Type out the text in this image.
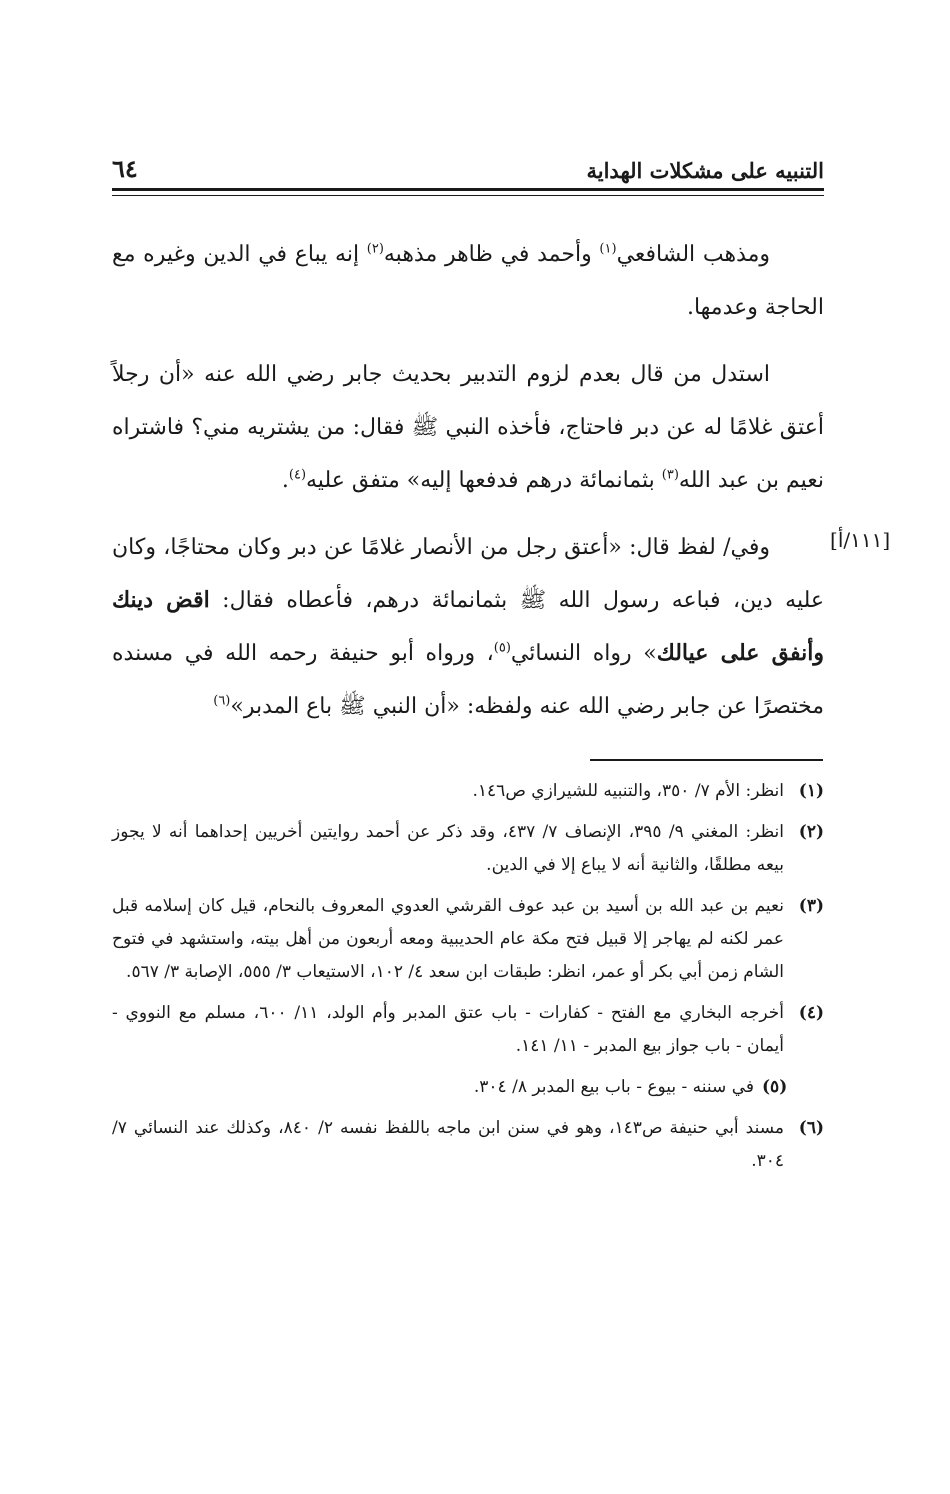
التنبيه على مشكلات الهداية
٦٤
[١١١/أ]

ومذهب الشافعي$^{(١)}$ وأحمد في ظاهر مذهبه$^{(٢)}$ إنه يباع في الدين وغيره مع الحاجة وعدمها.

استدل من قال بعدم لزوم التدبير بحديث جابر رضي الله عنه «أن رجلاً أعتق غلامًا له عن دبر فاحتاج، فأخذه النبي ﷺ فقال: من يشتريه مني؟ فاشتراه نعيم بن عبد الله$^{(٣)}$ بثمانمائة درهم فدفعها إليه» متفق عليه$^{(٤)}$.

وفي/ لفظ قال: «أعتق رجل من الأنصار غلامًا عن دبر وكان محتاجًا، وكان عليه دين، فباعه رسول الله ﷺ بثمانمائة درهم، فأعطاه فقال: اقض دينك وأنفق على عيالك» رواه النسائي$^{(٥)}$، ورواه أبو حنيفة رحمه الله في مسنده مختصرًا عن جابر رضي الله عنه ولفظه: «أن النبي ﷺ باع المدبر»$^{(٦)}$

(١)
انظر: الأم ٧/ ٣٥٠، والتنبيه للشيرازي ص١٤٦.
(٢)
انظر: المغني ٩/ ٣٩٥، الإنصاف ٧/ ٤٣٧، وقد ذكر عن أحمد روايتين أخريين إحداهما أنه لا يجوز بيعه مطلقًا، والثانية أنه لا يباع إلا في الدين.
(٣)
نعيم بن عبد الله بن أسيد بن عبد عوف القرشي العدوي المعروف بالنحام، قيل كان إسلامه قبل عمر لكنه لم يهاجر إلا قبيل فتح مكة عام الحديبية ومعه أربعون من أهل بيته، واستشهد في فتوح الشام زمن أبي بكر أو عمر، انظر: طبقات ابن سعد ٤/ ١٠٢، الاستيعاب ٣/ ٥٥٥، الإصابة ٣/ ٥٦٧.
(٤)
أخرجه البخاري مع الفتح - كفارات - باب عتق المدبر وأم الولد، ١١/ ٦٠٠، مسلم مع النووي - أيمان - باب جواز بيع المدبر - ١١/ ١٤١.
(٥)
في سننه - بيوع - باب بيع المدبر ٨/ ٣٠٤.
(٦)
مسند أبي حنيفة ص١٤٣، وهو في سنن ابن ماجه باللفظ نفسه ٢/ ٨٤٠، وكذلك عند النسائي ٧/ ٣٠٤.
